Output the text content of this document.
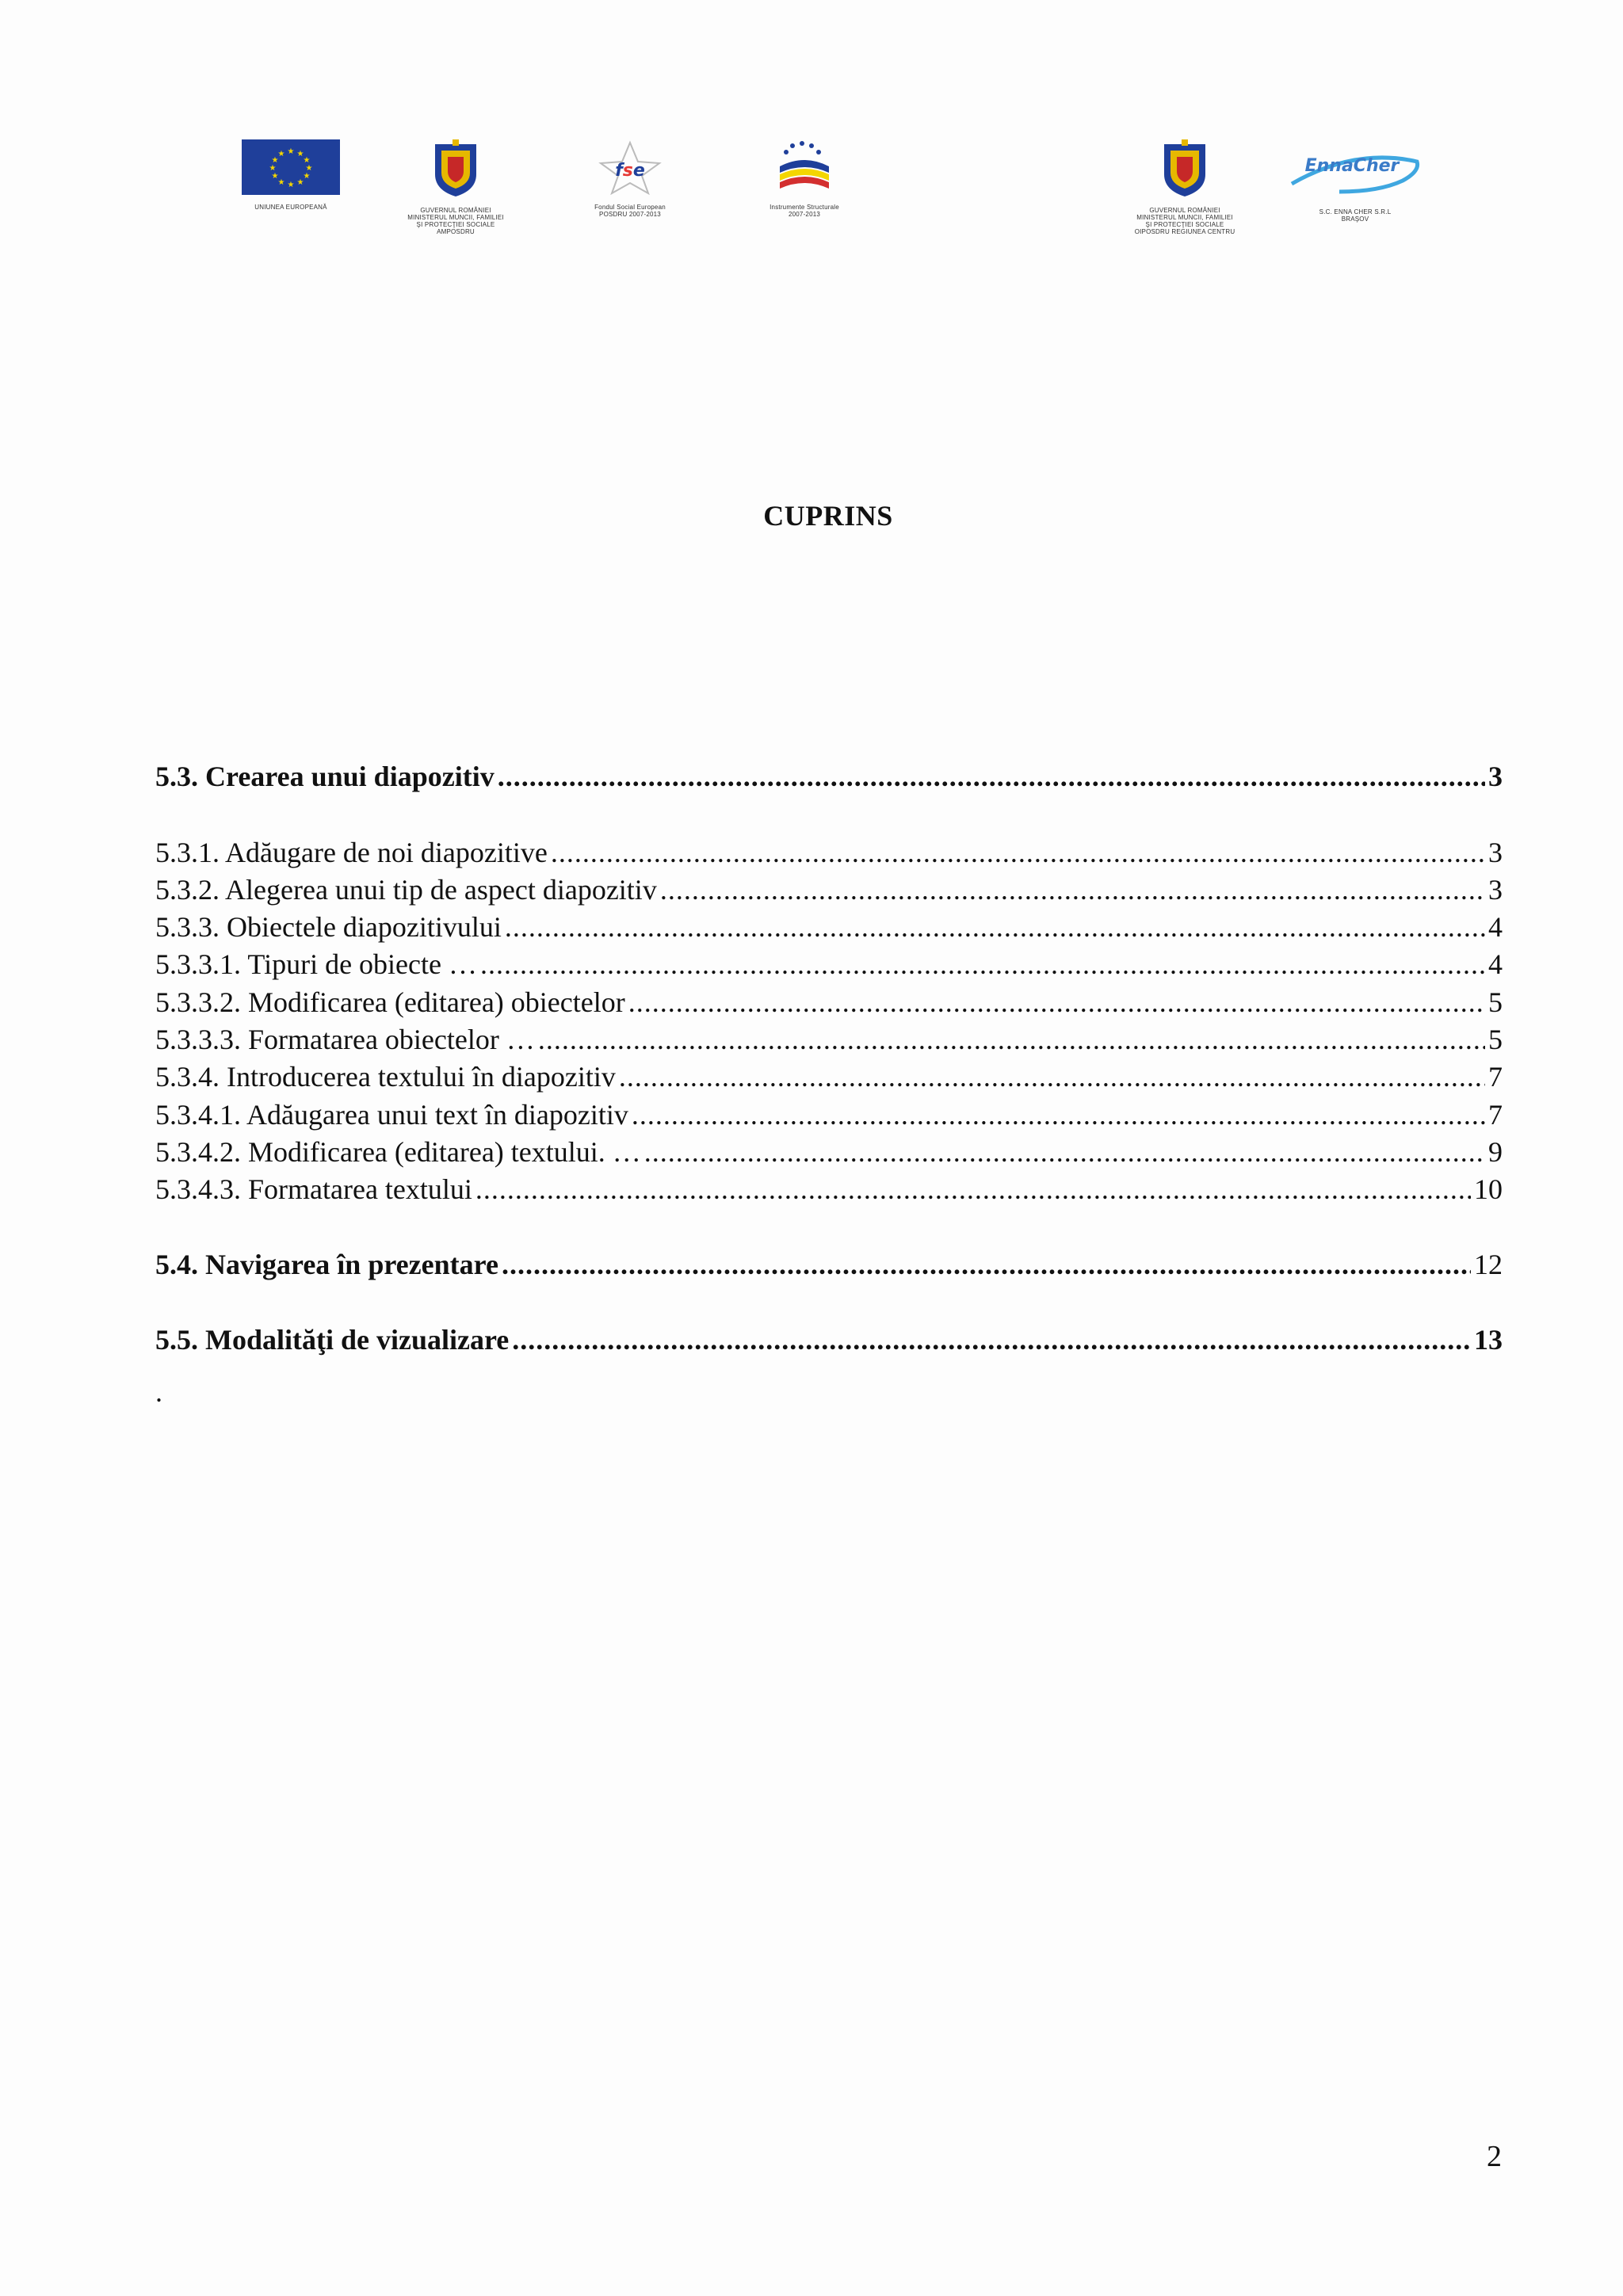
★ ★
★
★
★
★
★
★
★
★
★
★
UNIUNEA EUROPEANĂ	GUVERNUL ROMÂNIEI
MINISTERUL MUNCII, FAMILIEI
ŞI PROTECŢIEI SOCIALE
AMPOSDRU
fse
Fondul Social European
POSDRU 2007-2013
Instrumente Structurale
2007-2013
GUVERNUL ROMÂNIEI
MINISTERUL MUNCII, FAMILIEI
ŞI PROTECŢIEI SOCIALE
OIPOSDRU REGIUNEA CENTRU
EnnaCher
S.C. ENNA CHER S.R.L
BRAŞOV
CUPRINS
5.3. Crearea unui diapozitiv .....	3
5.3.1. Adăugare de noi diapozitive .....	3
5.3.2. Alegerea unui tip de aspect diapozitiv .....	3
5.3.3. Obiectele diapozitivului .....	4
5.3.3.1. Tipuri de obiecte … .....	4
5.3.3.2. Modificarea (editarea) obiectelor .....	5
5.3.3.3. Formatarea obiectelor … .....	5
5.3.4. Introducerea textului în diapozitiv .....	7
5.3.4.1. Adăugarea unui text în diapozitiv .....	7
5.3.4.2. Modificarea (editarea) textului. … .....	9
5.3.4.3. Formatarea textului .....	10
5.4. Navigarea în prezentare .....	12
5.5. Modalităţi de vizualizare .....	13
.
2
